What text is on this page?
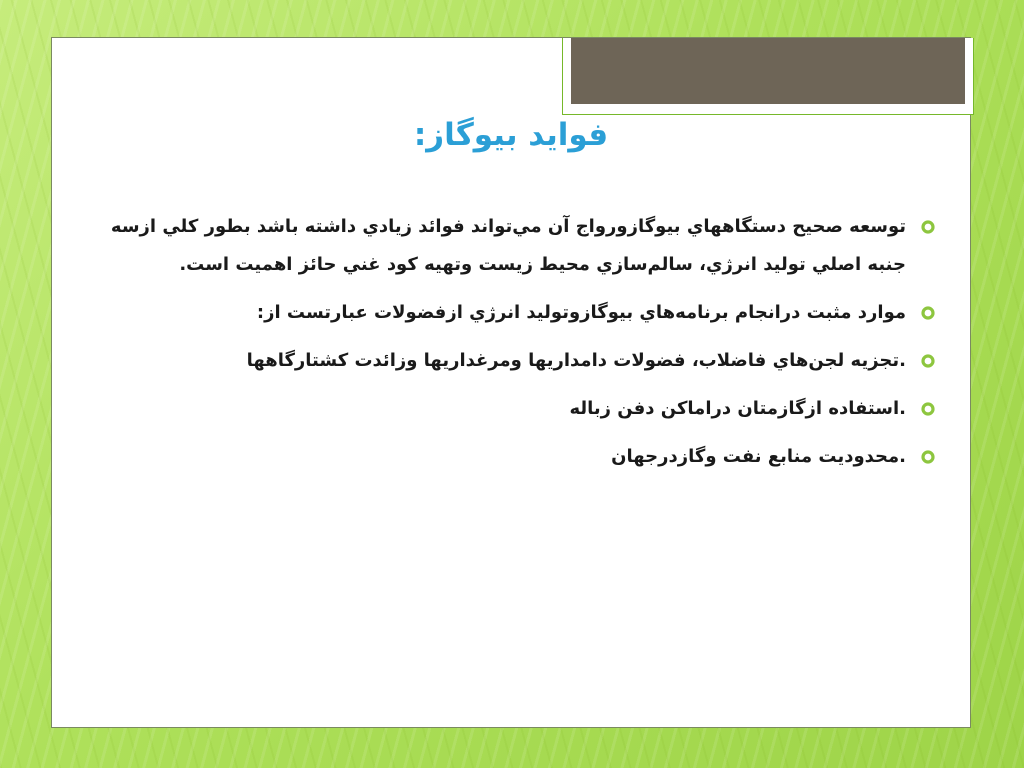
فوايد بيوگاز:
توسعه صحيح دستگاههاي بيوگازورواج آن مي‌تواند فوائد زيادي داشته باشد بطور كلي ازسه جنبه اصلي توليد انرژي، سالم‌سازي محيط زيست وتهيه كود غني حائز اهميت است.
موارد مثبت درانجام برنامه‌هاي بيوگازوتوليد انرژي ازفضولات عبارتست از:
.تجزيه لجن‌هاي فاضلاب، فضولات دامداريها ومرغداريها وزائدت كشتارگاهها
.استفاده ازگازمتان دراماكن دفن زباله
.محدوديت منابع نفت وگازدرجهان
